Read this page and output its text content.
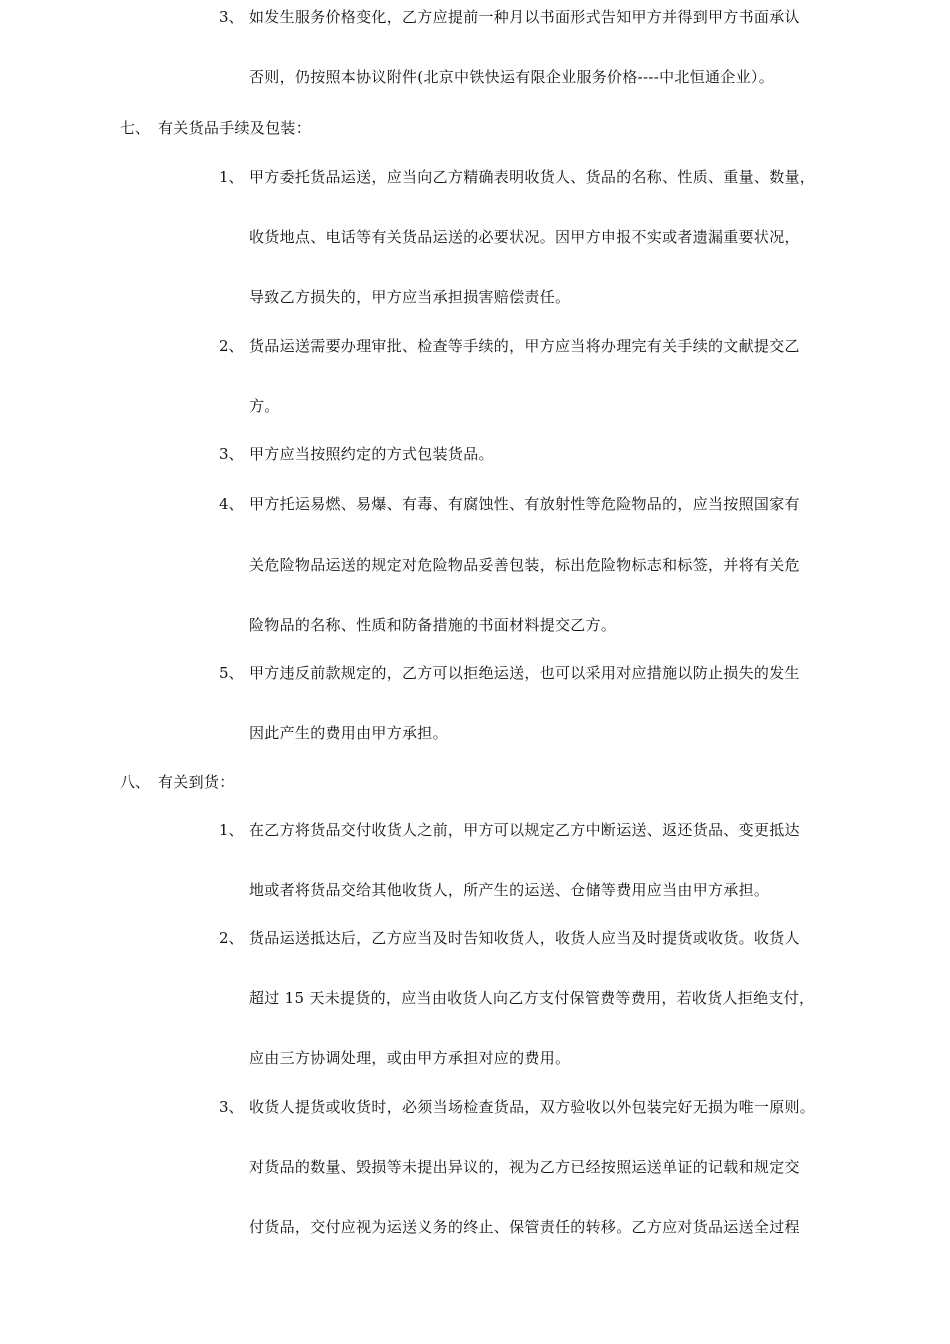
3、 如发生服务价格变化，乙方应提前一种月以书面形式告知甲方并得到甲方书面承认
否则，仍按照本协议附件(北京中铁快运有限企业服务价格----中北恒通企业）。
七、 有关货品手续及包装：
1、 甲方委托货品运送，应当向乙方精确表明收货人、货品的名称、性质、重量、数量，
收货地点、电话等有关货品运送的必要状况。因甲方申报不实或者遗漏重要状况，
导致乙方损失的，甲方应当承担损害赔偿责任。
2、 货品运送需要办理审批、检查等手续的，甲方应当将办理完有关手续的文献提交乙
方。
3、 甲方应当按照约定的方式包装货品。
4、 甲方托运易燃、易爆、有毒、有腐蚀性、有放射性等危险物品的，应当按照国家有
关危险物品运送的规定对危险物品妥善包装，标出危险物标志和标签，并将有关危
险物品的名称、性质和防备措施的书面材料提交乙方。
5、 甲方违反前款规定的，乙方可以拒绝运送，也可以采用对应措施以防止损失的发生
因此产生的费用由甲方承担。
八、 有关到货：
1、 在乙方将货品交付收货人之前，甲方可以规定乙方中断运送、返还货品、变更抵达
地或者将货品交给其他收货人，所产生的运送、仓储等费用应当由甲方承担。
2、 货品运送抵达后，乙方应当及时告知收货人，收货人应当及时提货或收货。收货人
超过 15 天未提货的，应当由收货人向乙方支付保管费等费用，若收货人拒绝支付，
应由三方协调处理，或由甲方承担对应的费用。
3、 收货人提货或收货时，必须当场检查货品，双方验收以外包装完好无损为唯一原则。
对货品的数量、毁损等未提出异议的，视为乙方已经按照运送单证的记载和规定交
付货品，交付应视为运送义务的终止、保管责任的转移。乙方应对货品运送全过程
